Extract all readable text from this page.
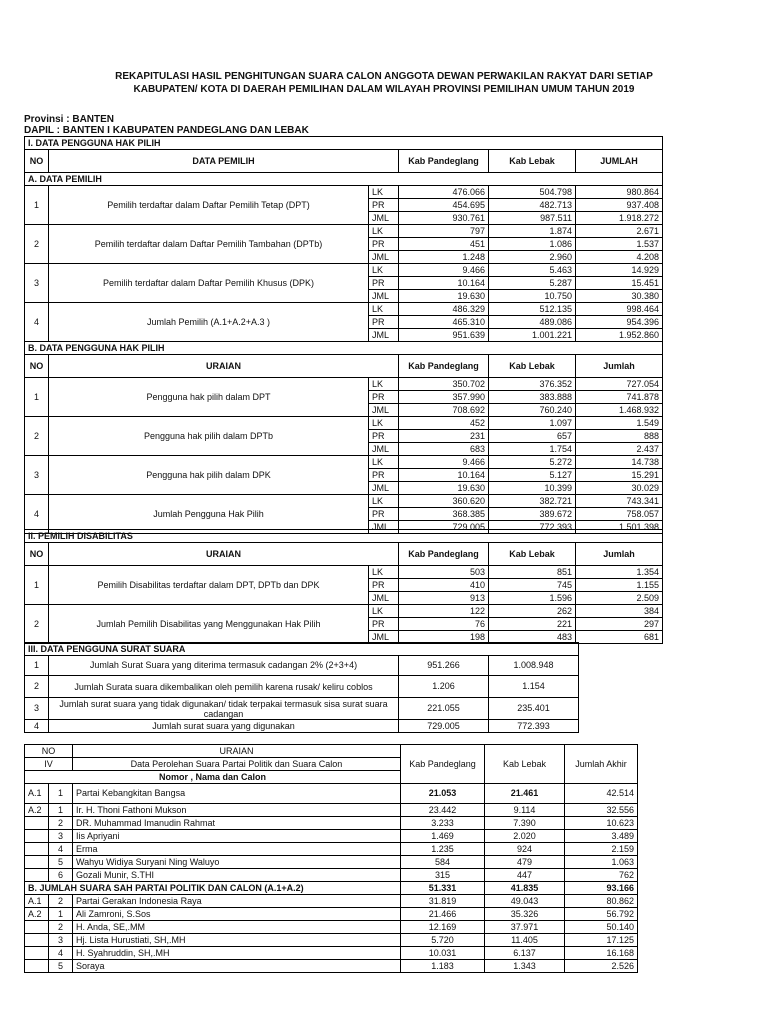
REKAPITULASI HASIL PENGHITUNGAN SUARA CALON ANGGOTA DEWAN PERWAKILAN RAKYAT DARI SETIAP
KABUPATEN/ KOTA DI DAERAH PEMILIHAN DALAM WILAYAH PROVINSI PEMILIHAN UMUM TAHUN 2019
Provinsi : BANTEN
DAPIL : BANTEN I KABUPATEN PANDEGLANG DAN LEBAK
I. DATA PENGGUNA HAK PILIH					
NO	DATA PEMILIH		Kab Pandeglang	Kab Lebak	JUMLAH
A. DATA PEMILIH					
1	Pemilih terdaftar dalam Daftar Pemilih Tetap (DPT)	LK	476.066	504.798	980.864
		PR	454.695	482.713	937.408
		JML	930.761	987.511	1.918.272
2	Pemilih terdaftar dalam Daftar Pemilih Tambahan (DPTb)	LK	797	1.874	2.671
		PR	451	1.086	1.537
		JML	1.248	2.960	4.208
3	Pemilih terdaftar dalam Daftar Pemilih Khusus (DPK)	LK	9.466	5.463	14.929
		PR	10.164	5.287	15.451
		JML	19.630	10.750	30.380
4	Jumlah Pemilih (A.1+A.2+A.3 )	LK	486.329	512.135	998.464
		PR	465.310	489.086	954.396
		JML	951.639	1.001.221	1.952.860
B. DATA PENGGUNA HAK PILIH					
NO	URAIAN		Kab Pandeglang	Kab Lebak	Jumlah
1	Pengguna hak pilih dalam DPT	LK	350.702	376.352	727.054
		PR	357.990	383.888	741.878
		JML	708.692	760.240	1.468.932
2	Pengguna hak pilih dalam DPTb	LK	452	1.097	1.549
		PR	231	657	888
		JML	683	1.754	2.437
3	Pengguna hak pilih dalam DPK	LK	9.466	5.272	14.738
		PR	10.164	5.127	15.291
		JML	19.630	10.399	30.029
4	Jumlah Pengguna Hak Pilih	LK	360.620	382.721	743.341
		PR	368.385	389.672	758.057
		JML	729.005	772.393	1.501.398
II. PEMILIH DISABILITAS					
NO	URAIAN		Kab Pandeglang	Kab Lebak	Jumlah
1	Pemilih Disabilitas terdaftar dalam DPT, DPTb dan DPK	LK	503	851	1.354
		PR	410	745	1.155
		JML	913	1.596	2.509
2	Jumlah Pemilih Disabilitas yang Menggunakan Hak Pilih	LK	122	262	384
		PR	76	221	297
		JML	198	483	681
III. DATA PENGGUNA SURAT SUARA			
1	Jumlah Surat Suara yang diterima termasuk cadangan 2% (2+3+4)	951.266	1.008.948
2	Jumlah Surata suara dikembalikan oleh pemilih karena rusak/ keliru coblos	1.206	1.154
3	Jumlah surat suara yang tidak digunakan/ tidak terpakai termasuk sisa surat suara cadangan	221.055	235.401
4	Jumlah surat suara yang digunakan	729.005	772.393
NO		URAIAN	Kab Pandeglang	Kab Lebak	Jumlah Akhir
IV		Data Perolehan Suara Partai Politik dan Suara Calon			
Nomor , Nama dan Calon					
A.1	1	Partai Kebangkitan Bangsa	21.053	21.461	42.514
A.2	1	Ir. H. Thoni Fathoni Mukson	23.442	9.114	32.556
	2	DR. Muhammad Imanudin Rahmat	3.233	7.390	10.623
	3	Iis Apriyani	1.469	2.020	3.489
	4	Erma	1.235	924	2.159
	5	Wahyu Widiya Suryani Ning Waluyo	584	479	1.063
	6	Gozali Munir, S.THI	315	447	762
B. JUMLAH SUARA SAH PARTAI POLITIK DAN CALON (A.1+A.2)			51.331	41.835	93.166
A.1	2	Partai Gerakan Indonesia Raya	31.819	49.043	80.862
A.2	1	Ali Zamroni, S.Sos	21.466	35.326	56.792
	2	H. Anda, SE,.MM	12.169	37.971	50.140
	3	Hj. Lista Hurustiati, SH,.MH	5.720	11.405	17.125
	4	H. Syahruddin, SH,.MH	10.031	6.137	16.168
	5	Soraya	1.183	1.343	2.526
